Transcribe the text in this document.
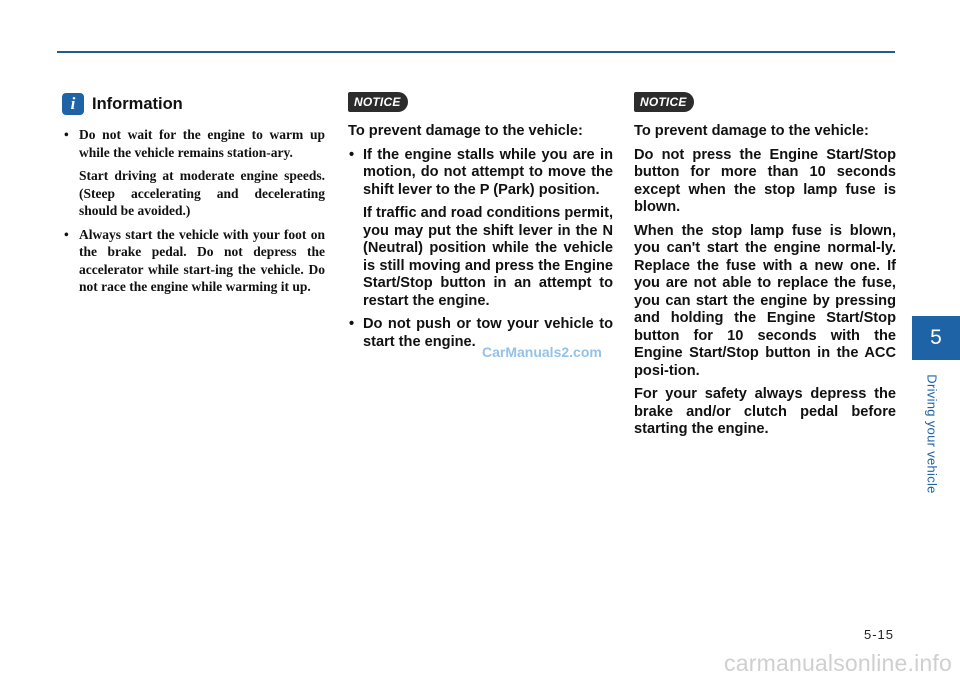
i	Information

• Do not wait for the engine to warm up while the vehicle remains station-ary.

Start driving at moderate engine speeds. (Steep accelerating and decelerating should be avoided.)

• Always start the vehicle with your foot on the brake pedal. Do not depress the accelerator while start-ing the vehicle. Do not race the engine while warming it up.

NOTICE

To prevent damage to the vehicle:

• If the engine stalls while you are in motion, do not attempt to move the shift lever to the P (Park) position.

If traffic and road conditions permit, you may put the shift lever in the N (Neutral) position while the vehicle is still moving and press the Engine Start/Stop button in an attempt to restart the engine.

• Do not push or tow your vehicle to start the engine.

NOTICE

To prevent damage to the vehicle:

Do not press the Engine Start/Stop button for more than 10 seconds except when the stop lamp fuse is blown.

When the stop lamp fuse is blown, you can't start the engine normal-ly. Replace the fuse with a new one. If you are not able to replace the fuse, you can start the engine by pressing and holding the Engine Start/Stop button for 10 seconds with the Engine Start/Stop button in the ACC posi-tion.

For your safety always depress the brake and/or clutch pedal before starting the engine.

CarManuals2.com
5
Driving your vehicle
5-15
carmanualsonline.info
